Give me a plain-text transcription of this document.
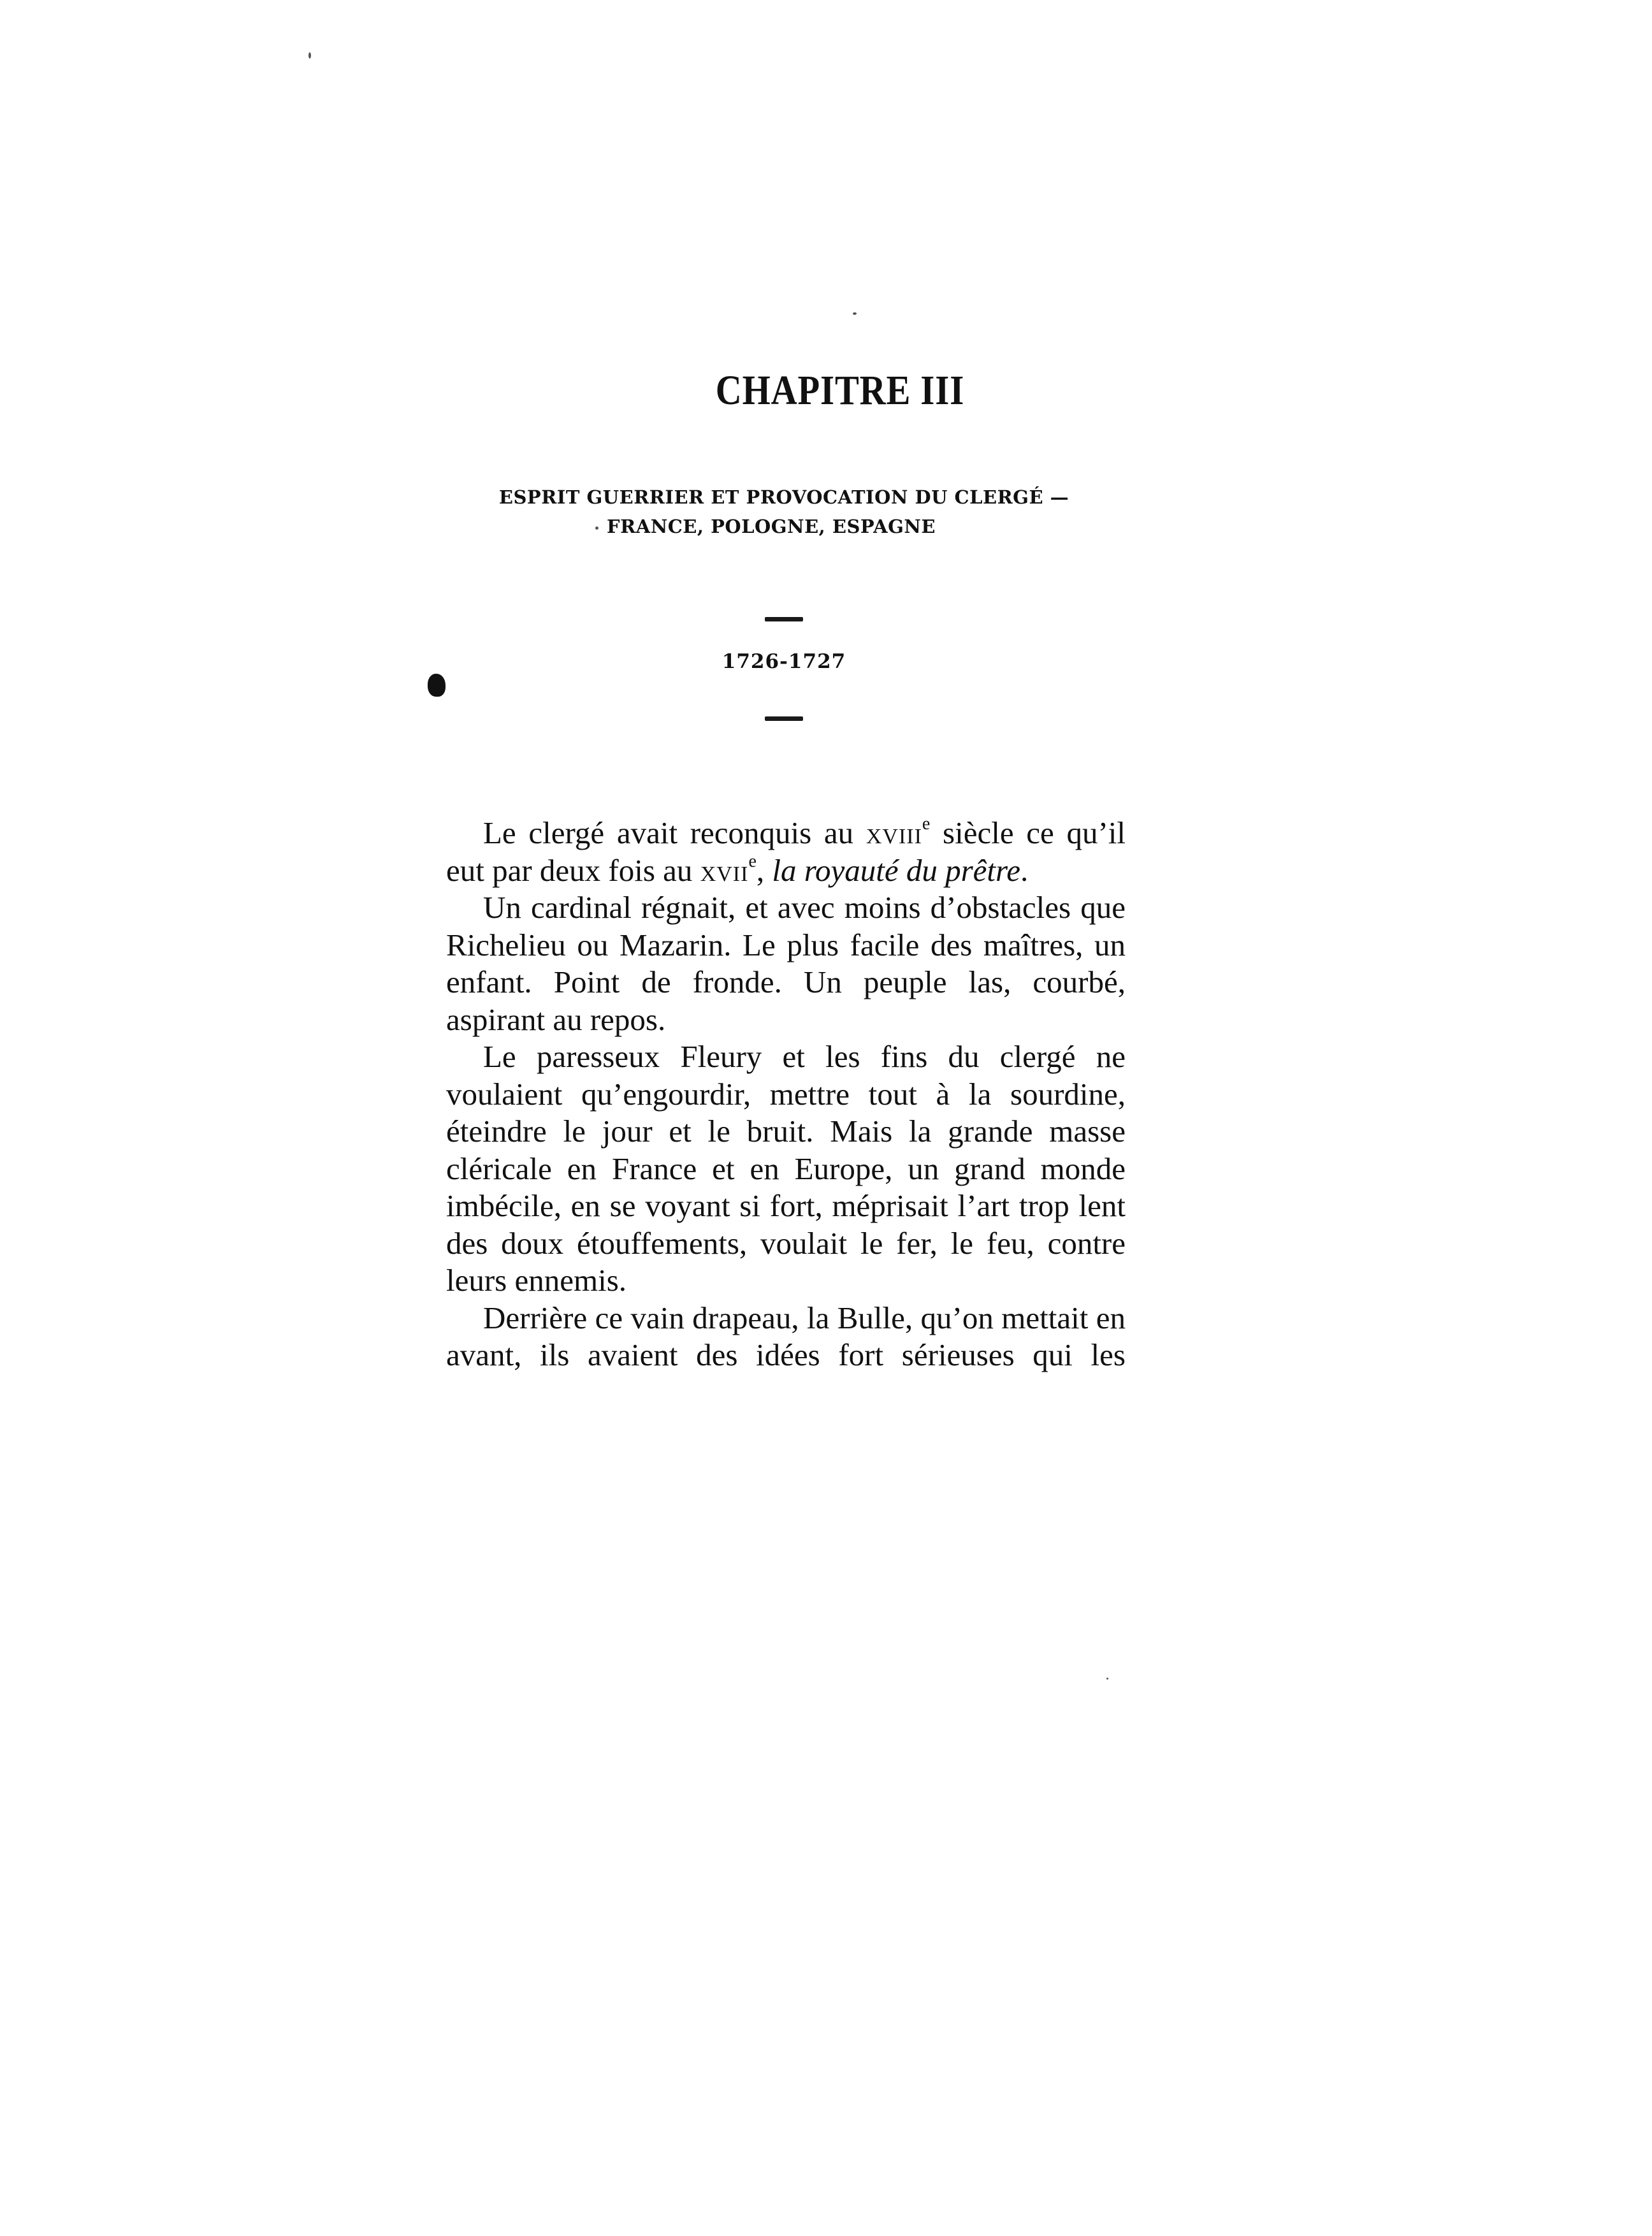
CHAPITRE III
ESPRIT GUERRIER ET PROVOCATION DU CLERGÉ —
FRANCE, POLOGNE, ESPAGNE
1726-1727

Le clergé avait reconquis au xviii$^e$ siècle ce qu’il eut par deux fois au xvii$^e$, la royauté du prêtre.

Un cardinal régnait, et avec moins d’obstacles que Richelieu ou Mazarin. Le plus facile des maîtres, un enfant. Point de fronde. Un peuple las, courbé, aspirant au repos.

Le paresseux Fleury et les fins du clergé ne voulaient qu’engourdir, mettre tout à la sourdine, éteindre le jour et le bruit. Mais la grande masse cléricale en France et en Europe, un grand monde imbécile, en se voyant si fort, méprisait l’art trop lent des doux étouffements, voulait le fer, le feu, contre leurs ennemis.

Derrière ce vain drapeau, la Bulle, qu’on mettait en avant, ils avaient des idées fort sérieuses qui les
